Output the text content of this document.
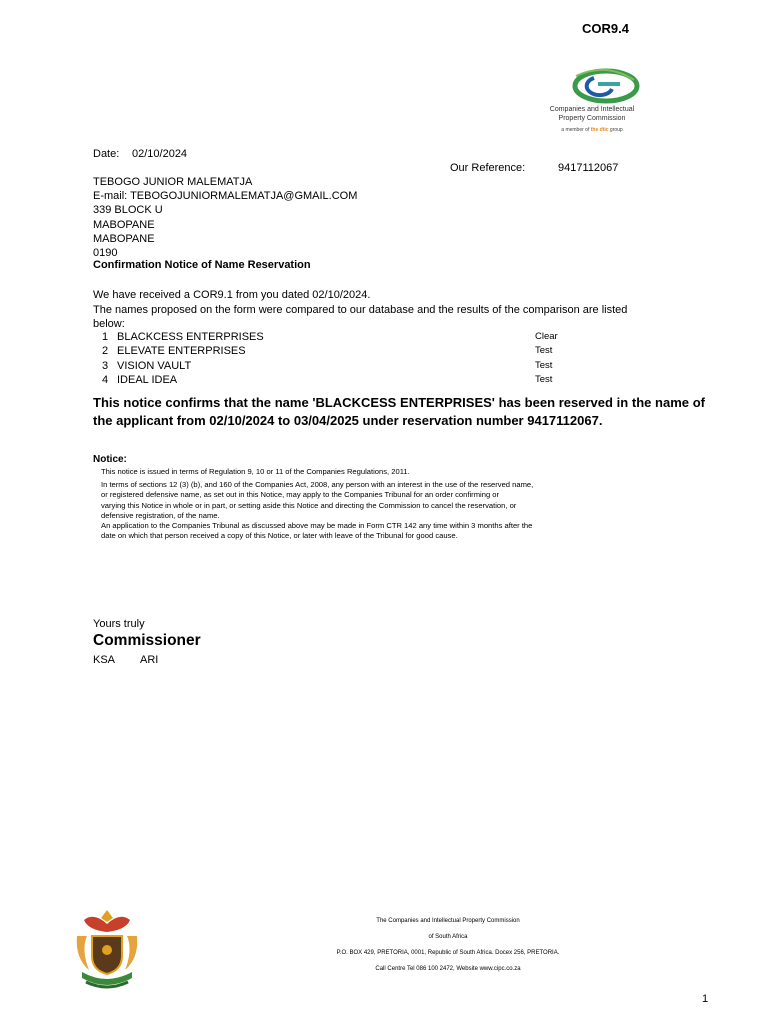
COR9.4
Companies and Intellectual
Property Commission
a member of the dtic group
Date: 02/10/2024
Our Reference:	9417112067
TEBOGO JUNIOR MALEMATJA
E-mail: TEBOGOJUNIORMALEMATJA@GMAIL.COM
339 BLOCK U
MABOPANE
MABOPANE
0190
Confirmation Notice of Name Reservation
We have received a COR9.1 from you dated 02/10/2024.
The names proposed on the form were compared to our database and the results of the comparison are listed below:
1 BLACKCESS ENTERPRISES	Clear
2 ELEVATE ENTERPRISES	Test
3 VISION VAULT	Test
4 IDEAL IDEA	Test
This notice confirms that the name 'BLACKCESS ENTERPRISES' has been reserved in the name of the applicant from 02/10/2024 to 03/04/2025 under reservation number 9417112067.
Notice:
This notice is issued in terms of Regulation 9, 10 or 11 of the Companies Regulations, 2011.
In terms of sections 12 (3) (b), and 160 of the Companies Act, 2008, any person with an interest in the use of the reserved name,
or registered defensive name, as set out in this Notice, may apply to the Companies Tribunal for an order confirming or
varying this Notice in whole or in part, or setting aside this Notice and directing the Commission to cancel the reservation, or
defensive registration, of the name.
An application to the Companies Tribunal as discussed above may be made in Form CTR 142 any time within 3 months after the
date on which that person received a copy of this Notice, or later with leave of the Tribunal for good cause.
Yours truly
Commissioner
KSA ARI
The Companies and Intellectual Property Commission
of South Africa
P.O. BOX 429, PRETORIA, 0001, Republic of South Africa. Docex 256, PRETORIA.
Call Centre Tel 086 100 2472, Website www.cipc.co.za
1
